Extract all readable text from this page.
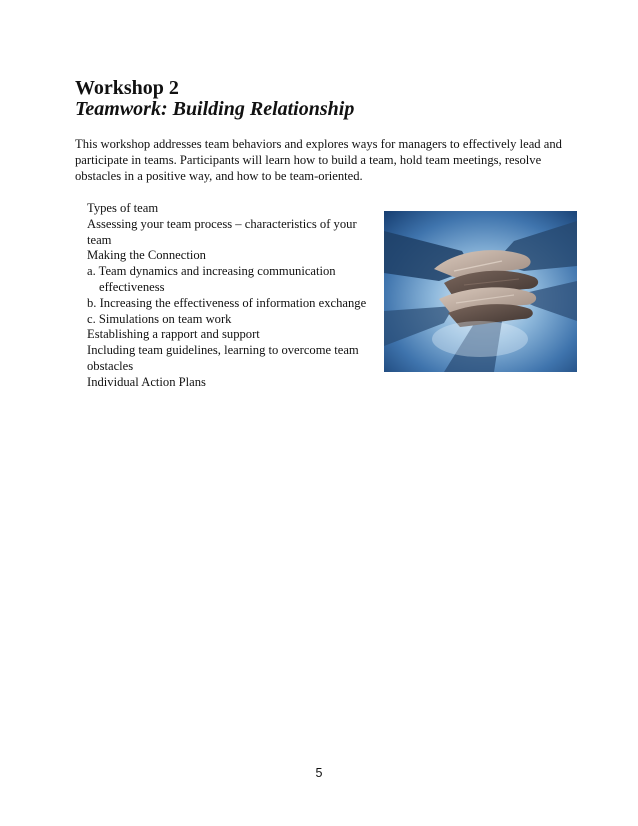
Workshop 2
Teamwork: Building Relationship

This workshop addresses team behaviors and explores ways for managers to effectively lead and
participate in teams. Participants will learn how to build a team, hold team meetings, resolve
obstacles in a positive way, and how to be team-oriented.

Types of team
Assessing your team process – characteristics of your
team
Making the Connection
a. Team dynamics and increasing communication
effectiveness
b. Increasing the effectiveness of information exchange
c. Simulations on team work
Establishing a rapport and support
Including team guidelines, learning to overcome team
obstacles
Individual Action Plans
5
